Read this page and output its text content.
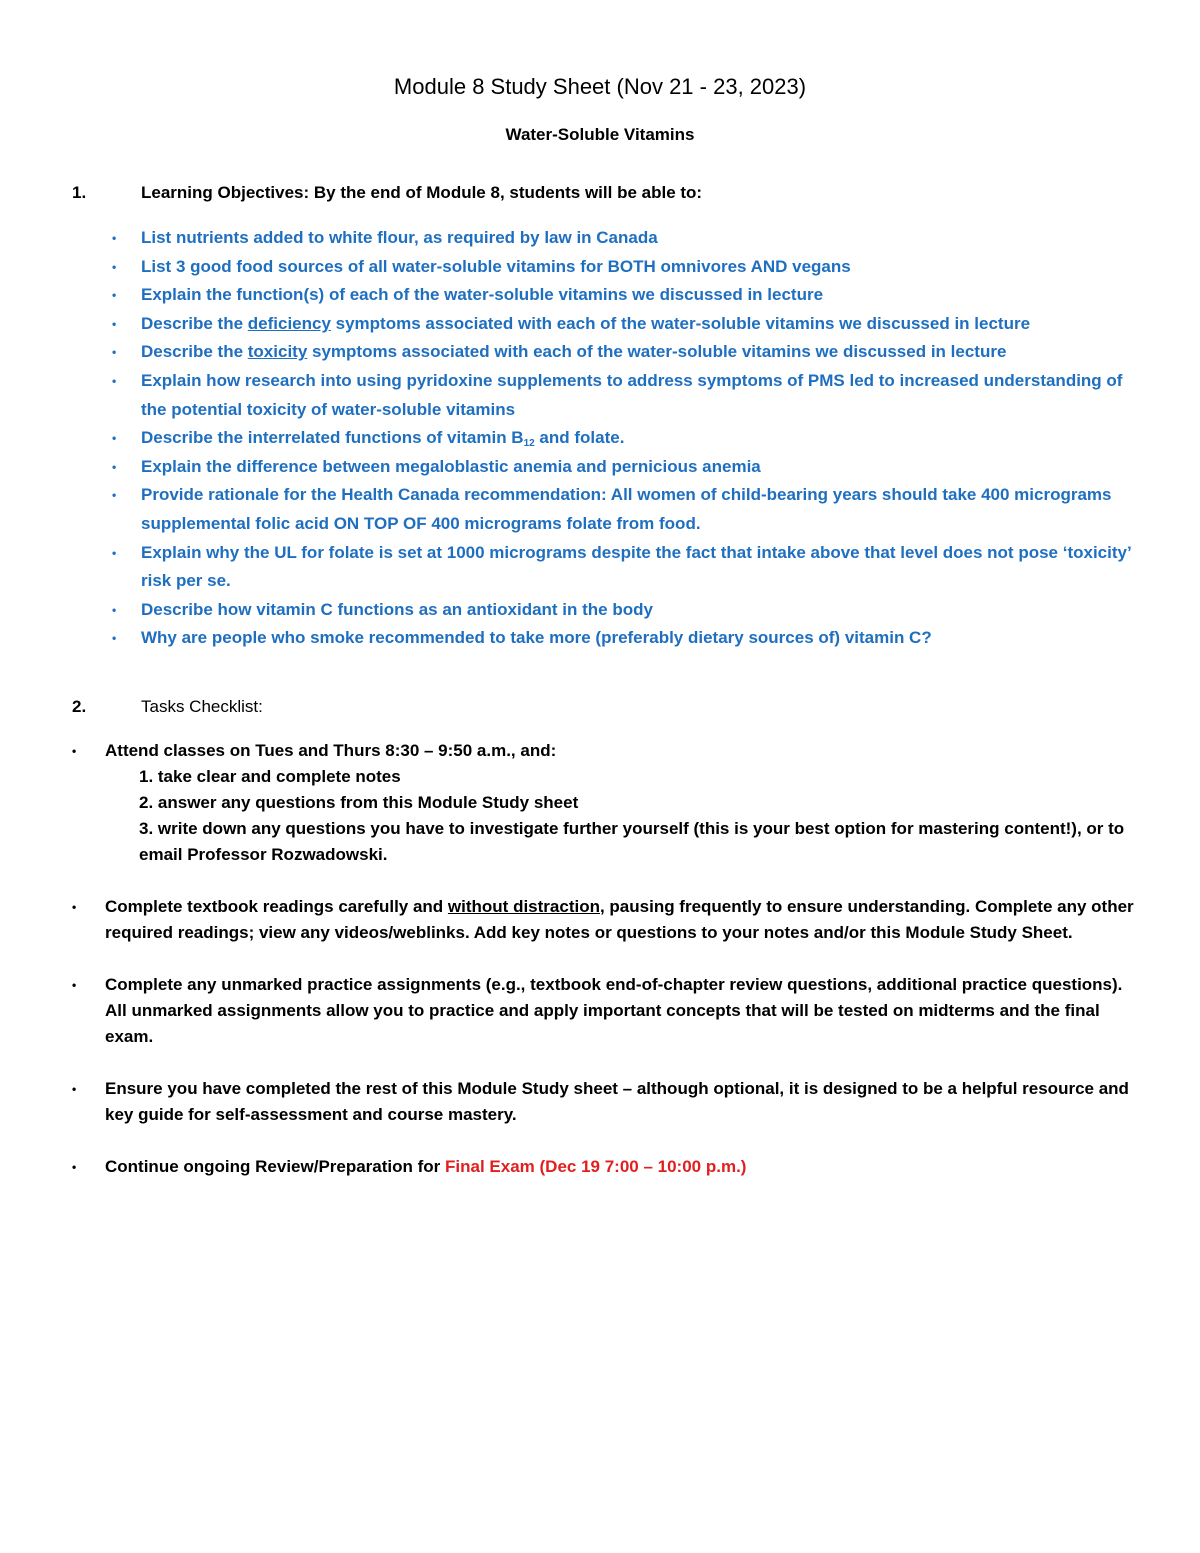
Module 8 Study Sheet (Nov 21 - 23, 2023)
Water-Soluble Vitamins
1.	Learning Objectives: By the end of Module 8, students will be able to:
• List nutrients added to white flour, as required by law in Canada
• List 3 good food sources of all water-soluble vitamins for BOTH omnivores AND vegans
• Explain the function(s) of each of the water-soluble vitamins we discussed in lecture
• Describe the deficiency symptoms associated with each of the water-soluble vitamins we discussed in lecture
• Describe the toxicity symptoms associated with each of the water-soluble vitamins we discussed in lecture
• Explain how research into using pyridoxine supplements to address symptoms of PMS led to increased understanding of the potential toxicity of water-soluble vitamins
• Describe the interrelated functions of vitamin $B_{12}$ and folate.
• Explain the difference between megaloblastic anemia and pernicious anemia
• Provide rationale for the Health Canada recommendation: All women of child-bearing years should take 400 micrograms supplemental folic acid ON TOP OF 400 micrograms folate from food.
• Explain why the UL for folate is set at 1000 micrograms despite the fact that intake above that level does not pose ‘toxicity’ risk per se.
• Describe how vitamin C functions as an antioxidant in the body
• Why are people who smoke recommended to take more (preferably dietary sources of) vitamin C?
2.	Tasks Checklist:
• Attend classes on Tues and Thurs 8:30 – 9:50 a.m., and:
1. take clear and complete notes
2. answer any questions from this Module Study sheet
3. write down any questions you have to investigate further yourself (this is your best option for mastering content!), or to email Professor Rozwadowski.
• Complete textbook readings carefully and without distraction, pausing frequently to ensure understanding. Complete any other required readings; view any videos/weblinks. Add key notes or questions to your notes and/or this Module Study Sheet.
• Complete any unmarked practice assignments (e.g., textbook end-of-chapter review questions, additional practice questions). All unmarked assignments allow you to practice and apply important concepts that will be tested on midterms and the final exam.
• Ensure you have completed the rest of this Module Study sheet – although optional, it is designed to be a helpful resource and key guide for self-assessment and course mastery.
• Continue ongoing Review/Preparation for Final Exam (Dec 19 7:00 – 10:00 p.m.)
